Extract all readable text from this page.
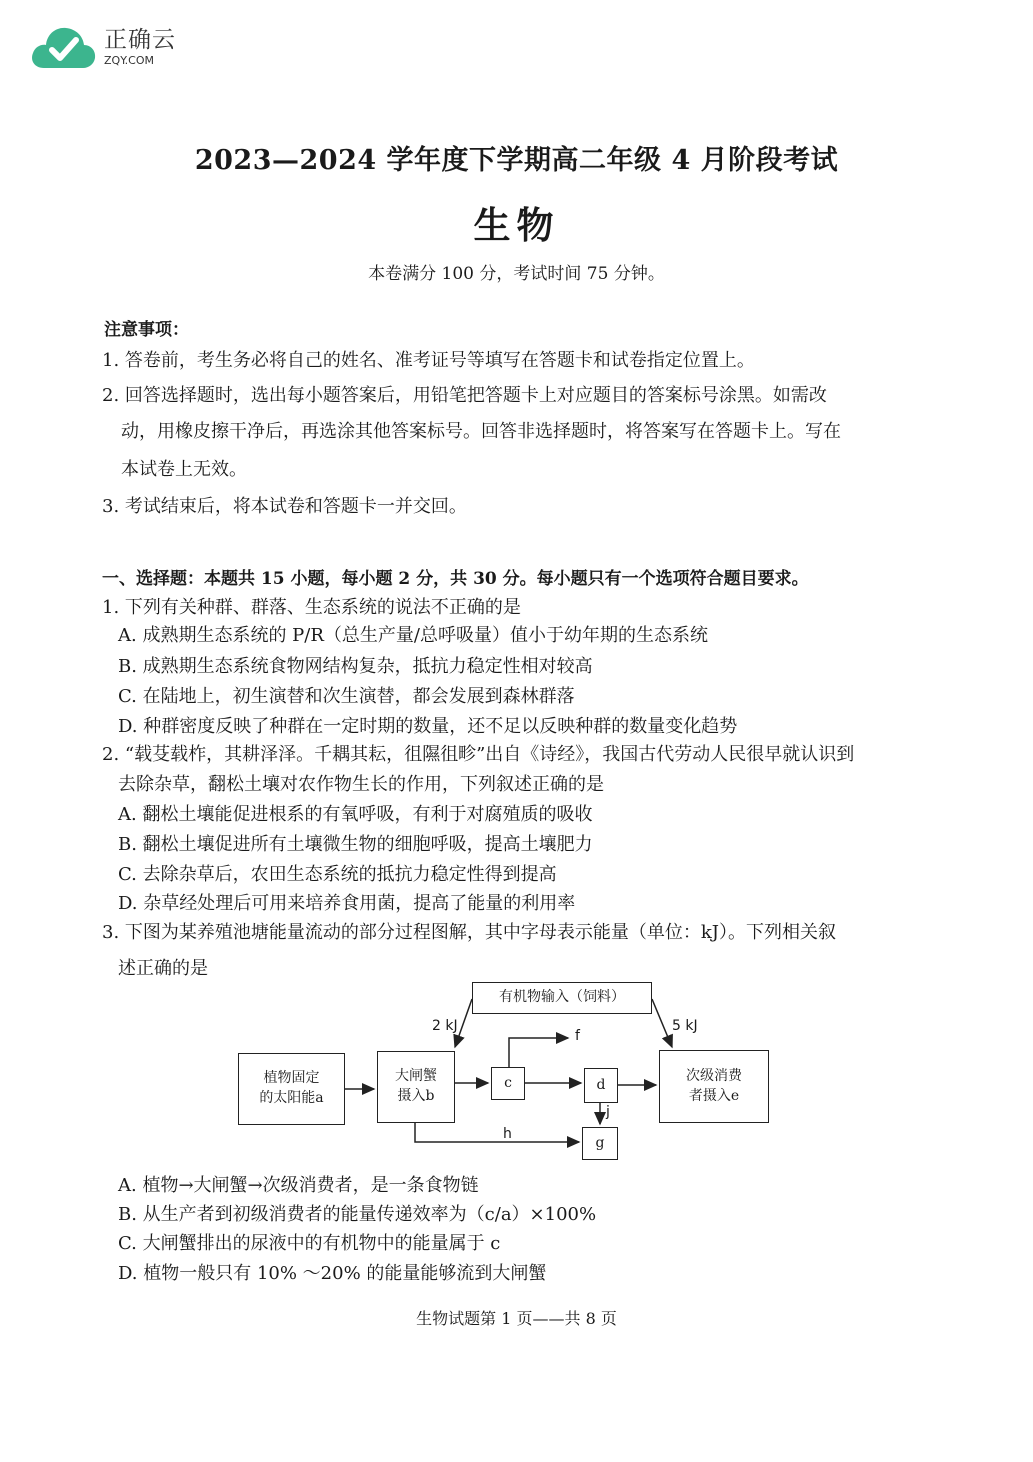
正确云
ZQY.COM
2023—2024 学年度下学期高二年级 4 月阶段考试
生物
本卷满分 100 分，考试时间 75 分钟。
注意事项：
1. 答卷前，考生务必将自己的姓名、准考证号等填写在答题卡和试卷指定位置上。
2. 回答选择题时，选出每小题答案后，用铅笔把答题卡上对应题目的答案标号涂黑。如需改
动，用橡皮擦干净后，再选涂其他答案标号。回答非选择题时，将答案写在答题卡上。写在
本试卷上无效。
3. 考试结束后，将本试卷和答题卡一并交回。
一、选择题：本题共 15 小题，每小题 2 分，共 30 分。每小题只有一个选项符合题目要求。
1. 下列有关种群、群落、生态系统的说法不正确的是
A. 成熟期生态系统的 P/R（总生产量/总呼吸量）值小于幼年期的生态系统
B. 成熟期生态系统食物网结构复杂，抵抗力稳定性相对较高
C. 在陆地上，初生演替和次生演替，都会发展到森林群落
D. 种群密度反映了种群在一定时期的数量，还不足以反映种群的数量变化趋势
2. “载芟载柞，其耕泽泽。千耦其耘，徂隰徂畛”出自《诗经》，我国古代劳动人民很早就认识到
去除杂草，翻松土壤对农作物生长的作用，下列叙述正确的是
A. 翻松土壤能促进根系的有氧呼吸，有利于对腐殖质的吸收
B. 翻松土壤促进所有土壤微生物的细胞呼吸，提高土壤肥力
C. 去除杂草后，农田生态系统的抵抗力稳定性得到提高
D. 杂草经处理后可用来培养食用菌，提高了能量的利用率
3. 下图为某养殖池塘能量流动的部分过程图解，其中字母表示能量（单位：kJ）。下列相关叙
述正确的是
有机物输入（饲料）
植物固定
的太阳能a
大闸蟹
摄入b
c	d
g
次级消费
者摄入e
2 kJ	5 kJ
f
h
j
A. 植物→大闸蟹→次级消费者，是一条食物链
B. 从生产者到初级消费者的能量传递效率为（c/a）×100%
C. 大闸蟹排出的尿液中的有机物中的能量属于 c
D. 植物一般只有 10% ～20% 的能量能够流到大闸蟹
生物试题第 1 页——共 8 页
